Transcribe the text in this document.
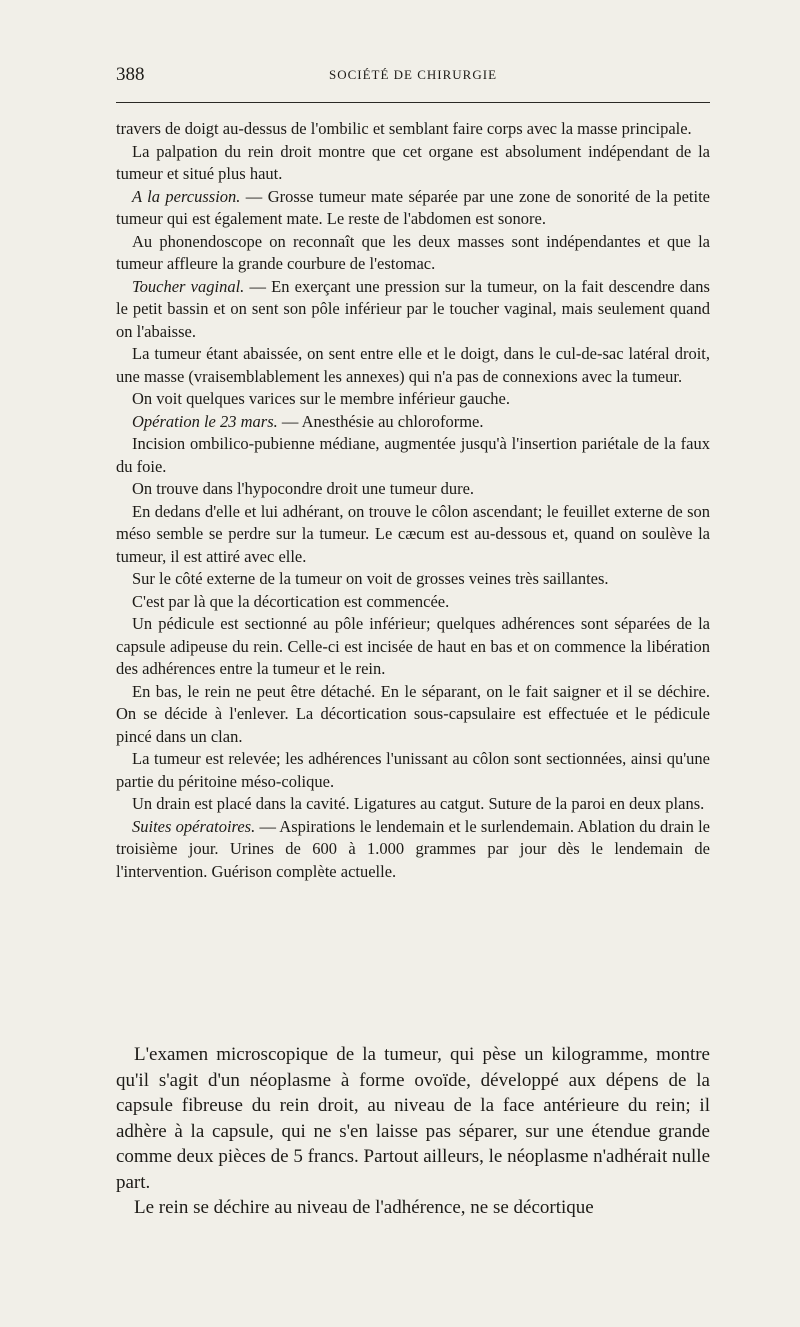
388	SOCIÉTÉ DE CHIRURGIE

travers de doigt au-dessus de l'ombilic et semblant faire corps avec la masse principale.

La palpation du rein droit montre que cet organe est absolument indépendant de la tumeur et situé plus haut.

A la percussion. — Grosse tumeur mate séparée par une zone de sonorité de la petite tumeur qui est également mate. Le reste de l'abdomen est sonore.

Au phonendoscope on reconnaît que les deux masses sont indépendantes et que la tumeur affleure la grande courbure de l'estomac.

Toucher vaginal. — En exerçant une pression sur la tumeur, on la fait descendre dans le petit bassin et on sent son pôle inférieur par le toucher vaginal, mais seulement quand on l'abaisse.

La tumeur étant abaissée, on sent entre elle et le doigt, dans le cul-de-sac latéral droit, une masse (vraisemblablement les annexes) qui n'a pas de connexions avec la tumeur.

On voit quelques varices sur le membre inférieur gauche.

Opération le 23 mars. — Anesthésie au chloroforme.

Incision ombilico-pubienne médiane, augmentée jusqu'à l'insertion pariétale de la faux du foie.

On trouve dans l'hypocondre droit une tumeur dure.

En dedans d'elle et lui adhérant, on trouve le côlon ascendant; le feuillet externe de son méso semble se perdre sur la tumeur. Le cæcum est au-dessous et, quand on soulève la tumeur, il est attiré avec elle.

Sur le côté externe de la tumeur on voit de grosses veines très saillantes.

C'est par là que la décortication est commencée.

Un pédicule est sectionné au pôle inférieur; quelques adhérences sont séparées de la capsule adipeuse du rein. Celle-ci est incisée de haut en bas et on commence la libération des adhérences entre la tumeur et le rein.

En bas, le rein ne peut être détaché. En le séparant, on le fait saigner et il se déchire. On se décide à l'enlever. La décortication sous-capsulaire est effectuée et le pédicule pincé dans un clan.

La tumeur est relevée; les adhérences l'unissant au côlon sont sectionnées, ainsi qu'une partie du péritoine méso-colique.

Un drain est placé dans la cavité. Ligatures au catgut. Suture de la paroi en deux plans.

Suites opératoires. — Aspirations le lendemain et le surlendemain. Ablation du drain le troisième jour. Urines de 600 à 1.000 grammes par jour dès le lendemain de l'intervention. Guérison complète actuelle.

L'examen microscopique de la tumeur, qui pèse un kilogramme, montre qu'il s'agit d'un néoplasme à forme ovoïde, développé aux dépens de la capsule fibreuse du rein droit, au niveau de la face antérieure du rein; il adhère à la capsule, qui ne s'en laisse pas séparer, sur une étendue grande comme deux pièces de 5 francs. Partout ailleurs, le néoplasme n'adhérait nulle part.

Le rein se déchire au niveau de l'adhérence, ne se décortique
